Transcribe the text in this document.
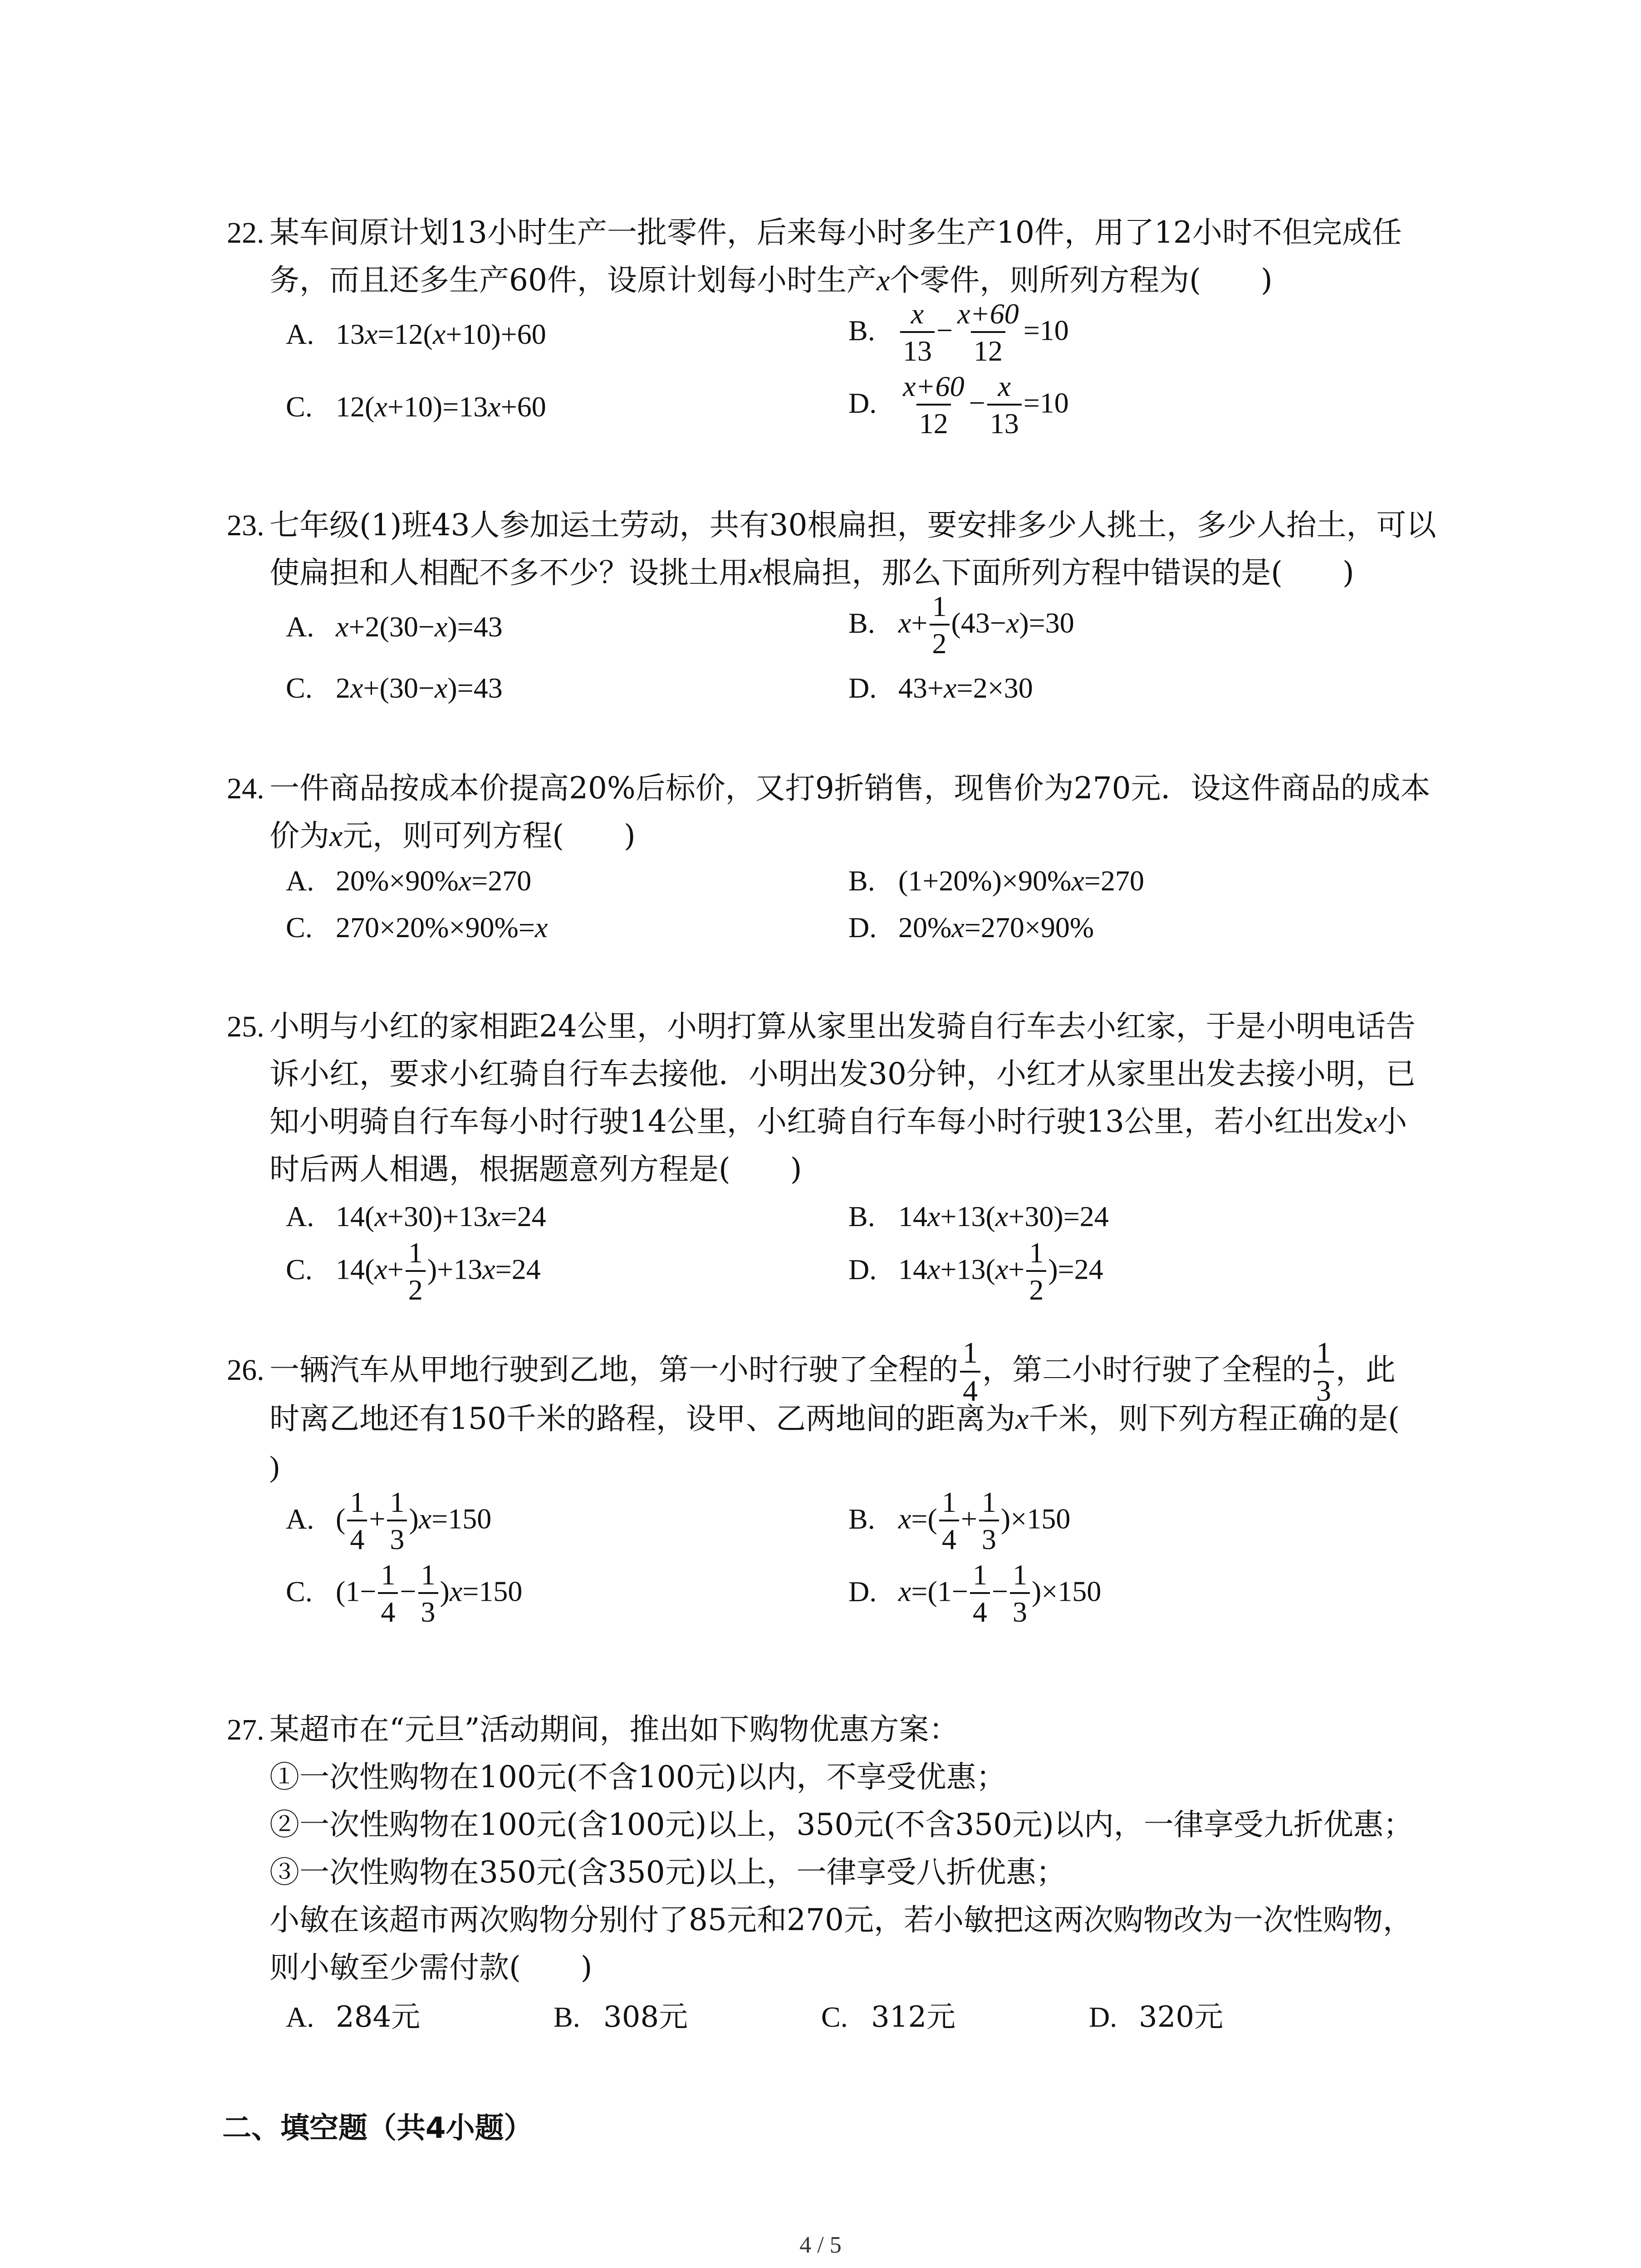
22. 某车间原计划13小时生产一批零件，后来每小时多生产10件，用了12小时不但完成任
务，而且还多生产60件，设原计划每小时生产x个零件，则所列方程为(　　)
A. 13x=12(x+10)+60	B. $\frac{x}{13} - \frac{x+60}{12} =10$
C. 12(x+10)=13x+60	D. $\frac{x+60}{12} - \frac{x}{13} =10$
23. 七年级(1)班43人参加运土劳动，共有30根扁担，要安排多少人挑土，多少人抬土，可以
使扁担和人相配不多不少？设挑土用x根扁担，那么下面所列方程中错误的是(　　)
A. x+2(30−x)=43	B. $x+ \frac{1}{2} (43-x)=30$
C. 2x+(30−x)=43	D. 43+x=2×30
24. 一件商品按成本价提高20%后标价，又打9折销售，现售价为270元．设这件商品的成本
价为x元，则可列方程(　　)
A. 20%×90%x=270	B. (1+20%)×90%x=270
C. 270×20%×90%=x	D. 20%x=270×90%
25. 小明与小红的家相距24公里，小明打算从家里出发骑自行车去小红家，于是小明电话告
诉小红，要求小红骑自行车去接他．小明出发30分钟，小红才从家里出发去接小明，已
知小明骑自行车每小时行驶14公里，小红骑自行车每小时行驶13公里，若小红出发x小
时后两人相遇，根据题意列方程是(　　)
A. 14(x+30)+13x=24	B. 14x+13(x+30)=24
C. $14(x+ \frac{1}{2} )+13x=24$	D. $14x+13(x+ \frac{1}{2} )=24$
26. 一辆汽车从甲地行驶到乙地，第一小时行驶了全程的 $\frac{1}{4}$ ，第二小时行驶了全程的 $\frac{1}{3}$ ，此
时离乙地还有150千米的路程，设甲、乙两地间的距离为x千米，则下列方程正确的是(
)
A. ( $\frac{1}{4} + \frac{1}{3} )x=150$	B. $x=( \frac{1}{4} + \frac{1}{3} )\times 150$
C. $(1- \frac{1}{4} - \frac{1}{3} )x=150$	D. $x=(1- \frac{1}{4} - \frac{1}{3} )\times 150$
27. 某超市在“元旦”活动期间，推出如下购物优惠方案：
①一次性购物在100元(不含100元)以内，不享受优惠；
②一次性购物在100元(含100元)以上，350元(不含350元)以内，一律享受九折优惠；
③一次性购物在350元(含350元)以上，一律享受八折优惠；
小敏在该超市两次购物分别付了85元和270元，若小敏把这两次购物改为一次性购物，
则小敏至少需付款(　　)
A. 284元	B. 308元	C. 312元	D. 320元
二、填空题（共4小题）
4 / 5
